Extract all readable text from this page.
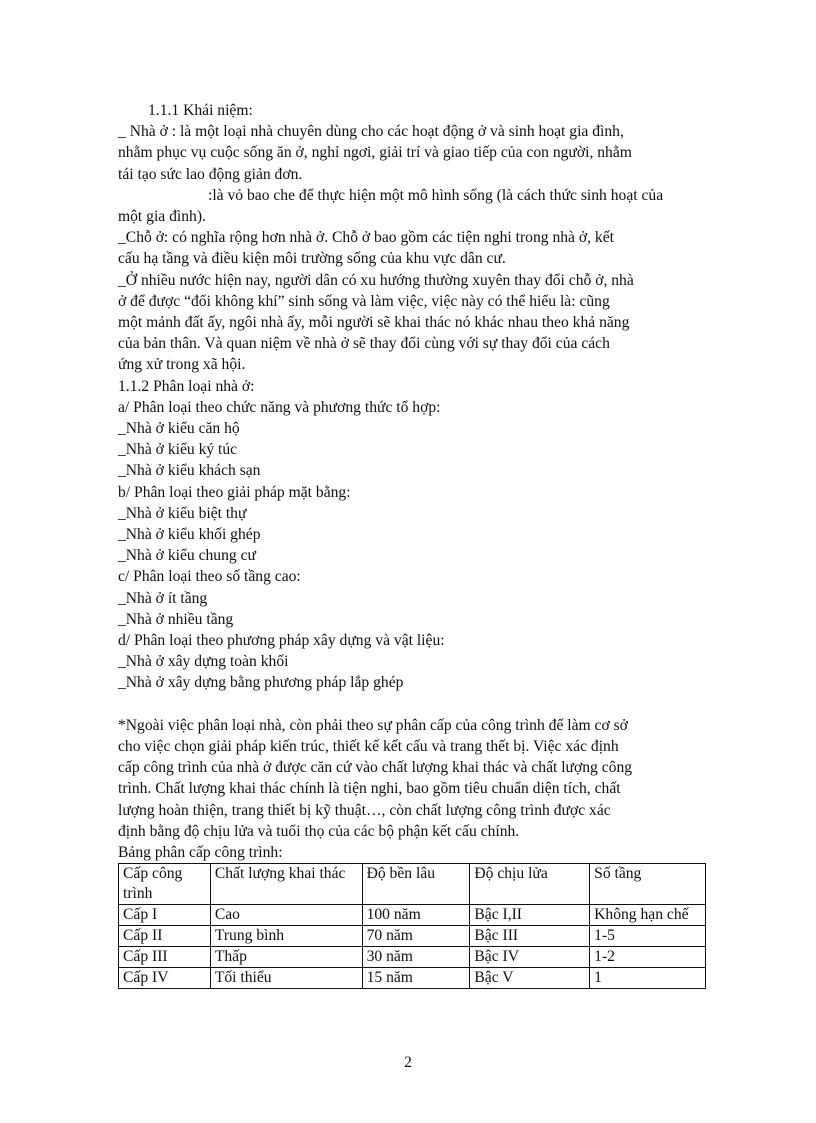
1.1.1 Khái niệm:
_ Nhà ở : là một loại nhà chuyên dùng cho các hoạt động ở và sinh hoạt gia đình,
nhằm phục vụ cuộc sống ăn ở, nghỉ ngơi, giải trí và giao tiếp của con người, nhằm
tái tạo sức lao động giản đơn.
:là vỏ bao che để thực hiện một mô hình sống (là cách thức sinh hoạt của
một gia đình).
_Chỗ ở: có nghĩa rộng hơn nhà ở. Chỗ ở bao gồm các tiện nghi trong nhà ở, kết
cấu hạ tầng và điều kiện môi trường sống của khu vực dân cư.
_Ở nhiều nước hiện nay, người dân có xu hướng thường xuyên thay đổi chỗ ở, nhà
ở để được “đổi không khí” sinh sống và làm việc, việc này có thể hiểu là: cũng
một mảnh đất ấy, ngôi nhà ấy, mỗi người sẽ khai thác nó khác nhau theo khả năng
của bản thân. Và quan niệm về nhà ở sẽ thay đổi cùng với sự thay đổi của cách
ứng xử trong xã hội.
1.1.2 Phân loại nhà ở:
a/ Phân loại theo chức năng và phương thức tổ hợp:
_Nhà ở kiểu căn hộ
_Nhà ở kiểu ký túc
_Nhà ở kiểu khách sạn
b/ Phân loại theo giải pháp mặt bằng:
_Nhà ở kiểu biệt thự
_Nhà ở kiểu khối ghép
_Nhà ở kiểu chung cư
c/ Phân loại theo số tầng cao:
_Nhà ở ít tầng
_Nhà ở nhiều tầng
d/ Phân loại theo phương pháp xây dựng và vật liệu:
_Nhà ở xây dựng toàn khối
_Nhà ở xây dựng bằng phương pháp lắp ghép
*Ngoài việc phân loại nhà, còn phải theo sự phân cấp của công trình để làm cơ sở
cho việc chọn giải pháp kiến trúc, thiết kế kết cấu và trang thết bị. Việc xác định
cấp công trình của nhà ở được căn cứ vào chất lượng khai thác và chất lượng công
trình. Chất lượng khai thác chính là tiện nghi, bao gồm tiêu chuẩn diện tích, chất
lượng hoàn thiện, trang thiết bị kỹ thuật…, còn chất lượng công trình được xác
định bằng độ chịu lửa và tuổi thọ của các bộ phận kết cấu chính.
Bảng phân cấp công trình:
Cấp công trình	Chất lượng khai thác	Độ bền lâu	Độ chịu lửa	Số tầng
Cấp I	Cao	100 năm	Bậc I,II	Không hạn chế
Cấp II	Trung bình	70 năm	Bậc III	1-5
Cấp III	Thấp	30 năm	Bậc IV	1-2
Cấp IV	Tối thiểu	15 năm	Bậc V	1
2
